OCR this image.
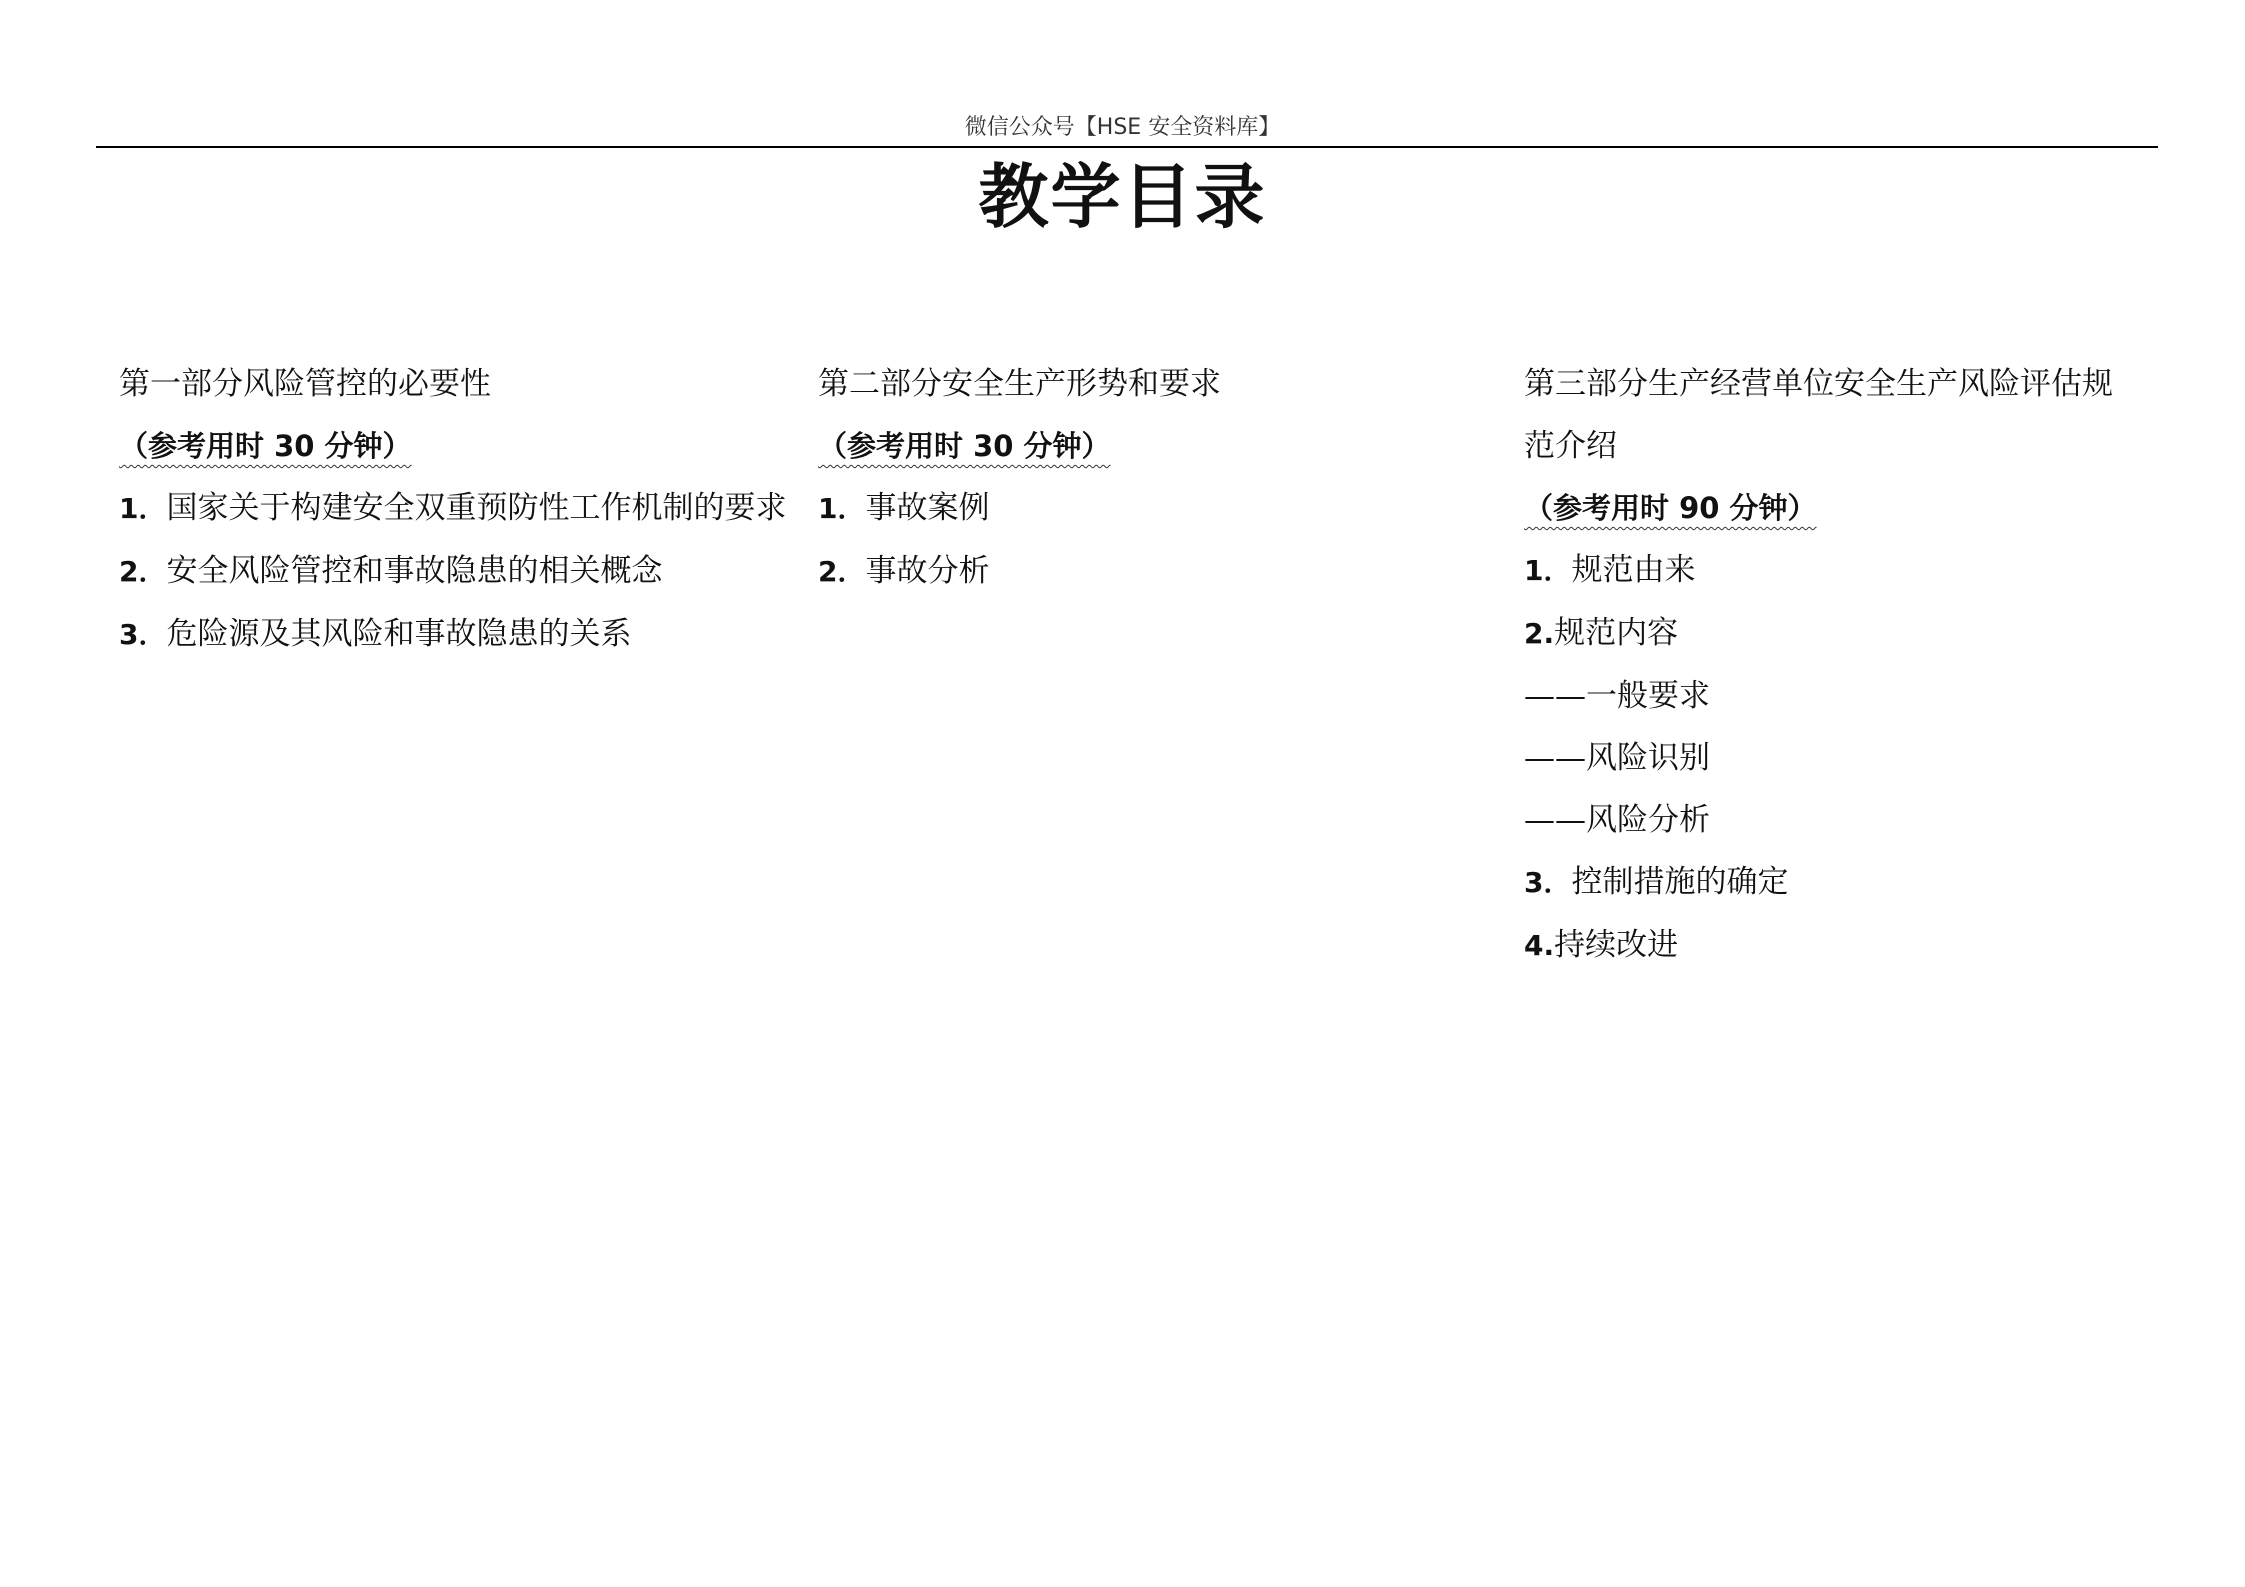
微信公众号【HSE 安全资料库】
教学目录
第一部分风险管控的必要性
（参考用时 30 分钟）
1．国家关于构建安全双重预防性工作机制的要求
2．安全风险管控和事故隐患的相关概念
3．危险源及其风险和事故隐患的关系
第二部分安全生产形势和要求
（参考用时 30 分钟）
1．事故案例
2．事故分析
第三部分生产经营单位安全生产风险评估规范介绍
（参考用时 90 分钟）
1．规范由来
2.规范内容
——一般要求
——风险识别
——风险分析
3．控制措施的确定
4.持续改进
